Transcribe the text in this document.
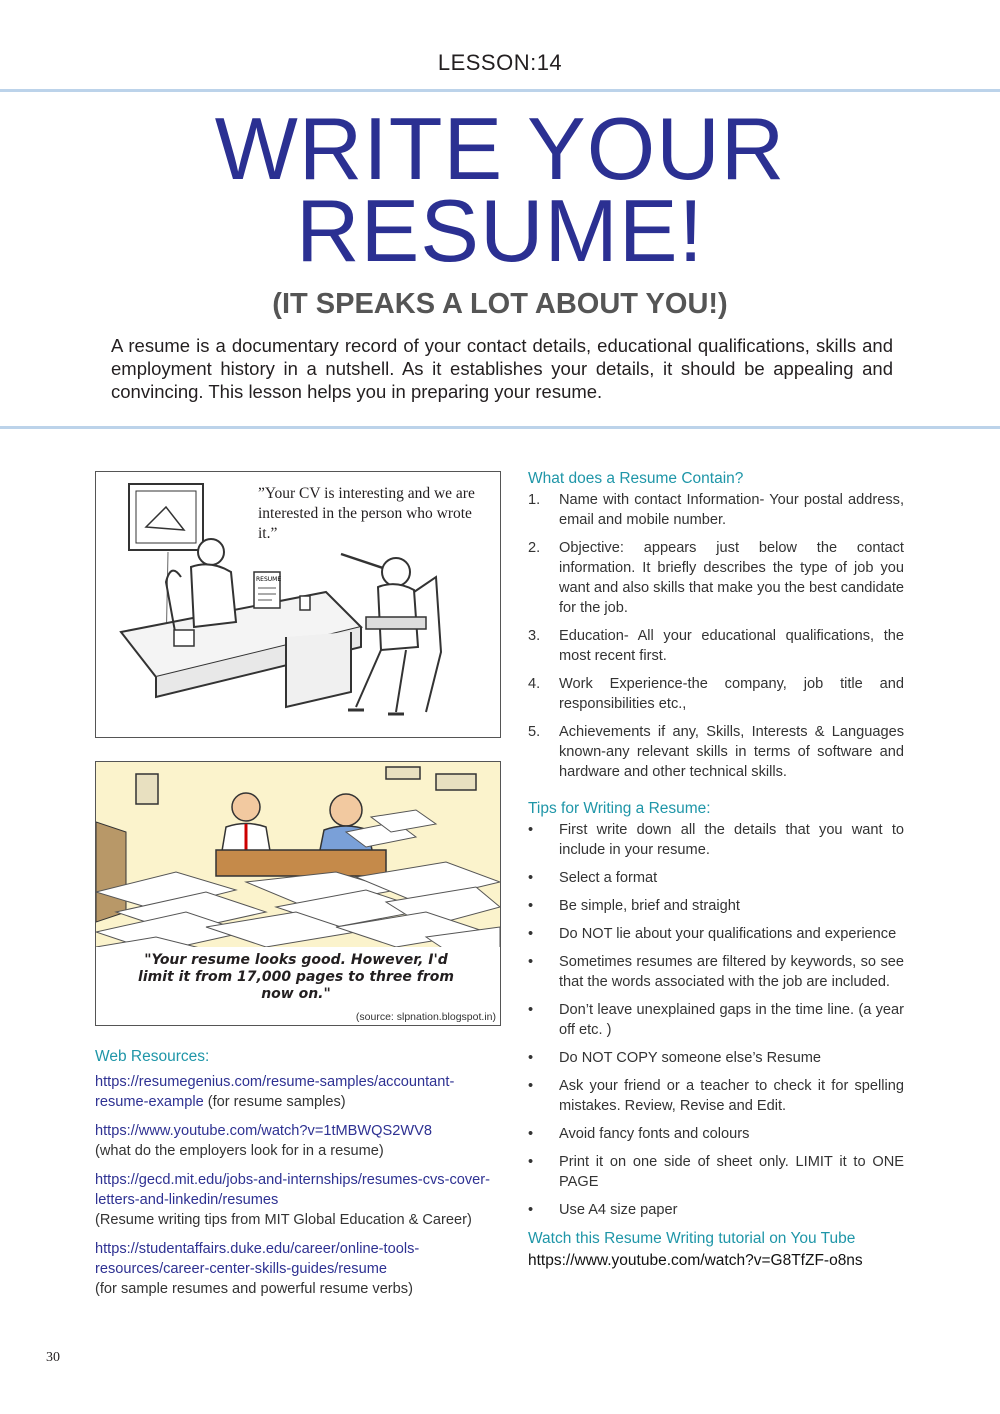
LESSON:14
WRITE YOUR
RESUME!
(IT SPEAKS A LOT ABOUT YOU!)
A resume is a documentary record of your contact details, educational qualifications, skills and employment history in a nutshell. As it establishes your details, it should be appealing and convincing. This lesson helps you in preparing your resume.
RESUME
”Your CV is interesting and we are interested in the person who wrote it.”
"Your resume looks good. However, I'd limit it from 17,000 pages to three from now on."
(source: slpnation.blogspot.in)
What does a Resume Contain?
1. Name with contact Information- Your postal address, email and mobile number.
2. Objective: appears just below the contact information. It briefly describes the type of job you want and also skills that make you the best candidate for the job.
3. Education- All your educational qualifications, the most recent first.
4. Work Experience-the company, job title and responsibilities etc.,
5. Achievements if any, Skills, Interests & Languages known-any relevant skills in terms of software and hardware and other technical skills.
Tips for Writing a Resume:
• First write down all the details that you want to include in your resume.
• Select a format
• Be simple, brief and straight
• Do NOT lie about your qualifications and experience
• Sometimes resumes are filtered by keywords, so see that the words associated with the job are included.
• Don’t leave unexplained gaps in the time line. (a year off etc. )
• Do NOT COPY someone else’s Resume
• Ask your friend or a teacher to check it for spelling mistakes. Review, Revise and Edit.
• Avoid fancy fonts and colours
• Print it on one side of sheet only. LIMIT it to ONE PAGE
• Use A4 size paper
Watch this Resume Writing tutorial on You Tube
https://www.youtube.com/watch?v=G8TfZF-o8ns
Web Resources:

https://resumegenius.com/resume-samples/accountant-resume-example (for resume samples)

https://www.youtube.com/watch?v=1tMBWQS2WV8
(what do the employers look for in a resume)

https://gecd.mit.edu/jobs-and-internships/resumes-cvs-cover-letters-and-linkedin/resumes
(Resume writing tips from MIT Global Education & Career)

https://studentaffairs.duke.edu/career/online-tools-resources/career-center-skills-guides/resume
(for sample resumes and powerful resume verbs)

30
